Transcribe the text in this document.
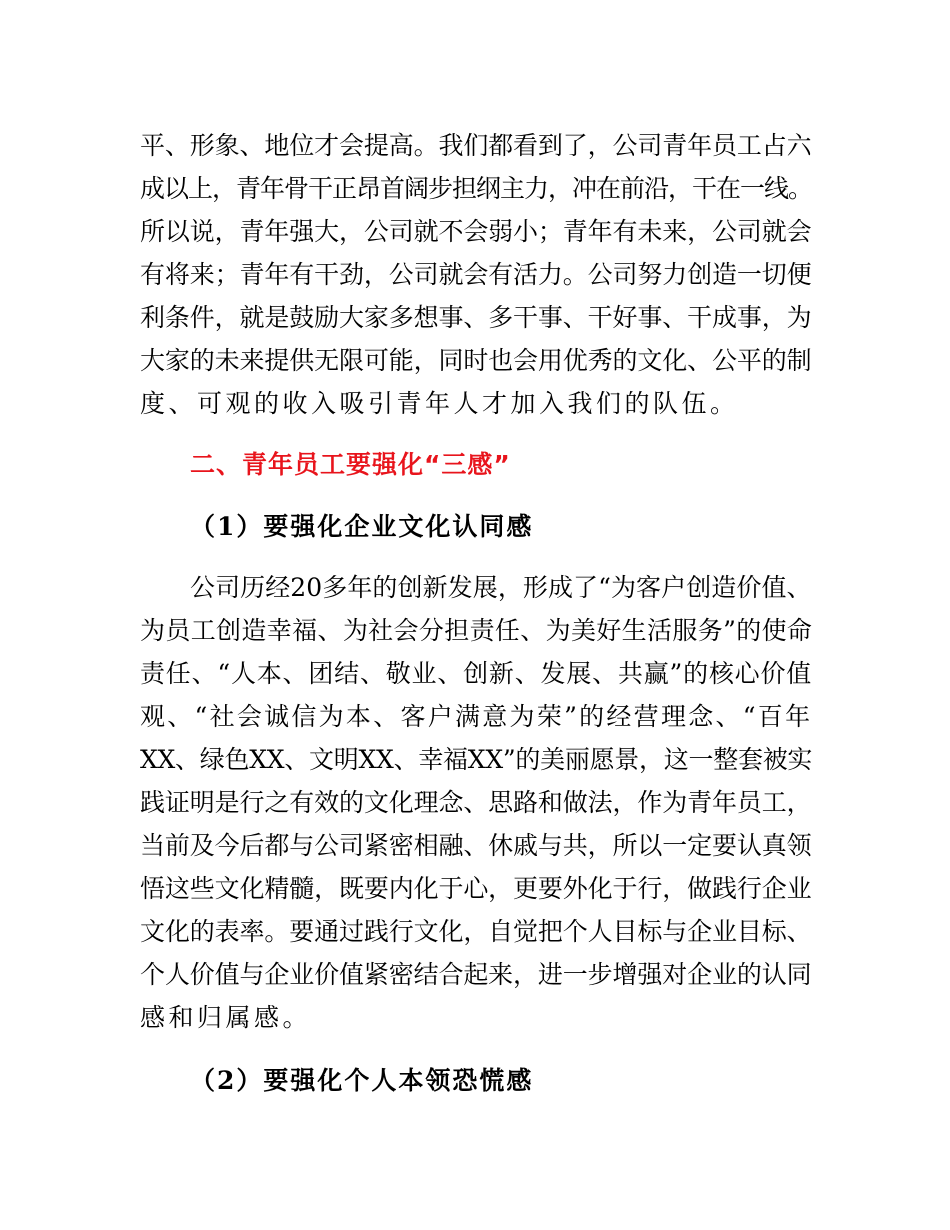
平、形象、地位才会提高。我们都看到了，公司青年员工占六

成以上，青年骨干正昂首阔步担纲主力，冲在前沿，干在一线。

所以说，青年强大，公司就不会弱小；青年有未来，公司就会

有将来；青年有干劲，公司就会有活力。公司努力创造一切便

利条件，就是鼓励大家多想事、多干事、干好事、干成事，为

大家的未来提供无限可能，同时也会用优秀的文化、公平的制

度、可观的收入吸引青年人才加入我们的队伍。

二、青年员工要强化“三感”
（1）要强化企业文化认同感

公司历经20多年的创新发展，形成了“为客户创造价值、

为员工创造幸福、为社会分担责任、为美好生活服务”的使命

责任、“人本、团结、敬业、创新、发展、共赢”的核心价值

观、“社会诚信为本、客户满意为荣”的经营理念、“百年

XX、绿色XX、文明XX、幸福XX”的美丽愿景，这一整套被实

践证明是行之有效的文化理念、思路和做法，作为青年员工，

当前及今后都与公司紧密相融、休戚与共，所以一定要认真领

悟这些文化精髓，既要内化于心，更要外化于行，做践行企业

文化的表率。要通过践行文化，自觉把个人目标与企业目标、

个人价值与企业价值紧密结合起来，进一步增强对企业的认同

感和归属感。

（2）要强化个人本领恐慌感
